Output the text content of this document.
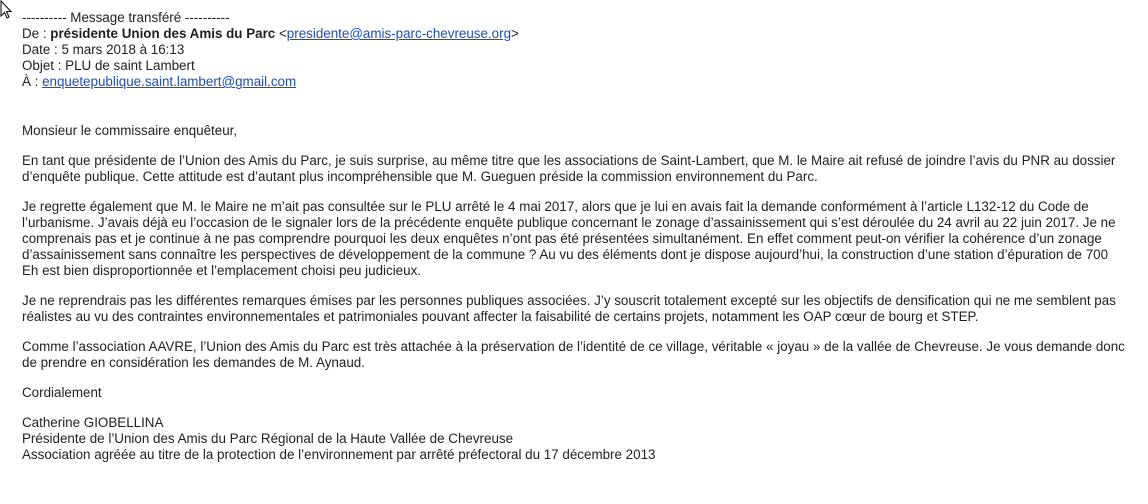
---------- Message transféré ----------
De : présidente Union des Amis du Parc <presidente@amis-parc-chevreuse.org>
Date : 5 mars 2018 à 16:13
Objet : PLU de saint Lambert
À : enquetepublique.saint.lambert@gmail.com

Monsieur le commissaire enquêteur,

En tant que présidente de l’Union des Amis du Parc, je suis surprise, au même titre que les associations de Saint-Lambert, que M. le Maire ait refusé de joindre l’avis du PNR au dossier d’enquête publique. Cette attitude est d’autant plus incompréhensible que M. Gueguen préside la commission environnement du Parc.

Je regrette également que M. le Maire ne m’ait pas consultée sur le PLU arrêté le 4 mai 2017, alors que je lui en avais fait la demande conformément à l’article L132-12 du Code de l’urbanisme. J’avais déjà eu l’occasion de le signaler lors de la précédente enquête publique concernant le zonage d’assainissement qui s’est déroulée du 24 avril au 22 juin 2017. Je ne comprenais pas et je continue à ne pas comprendre pourquoi les deux enquêtes n’ont pas été présentées simultanément. En effet comment peut-on vérifier la cohérence d’un zonage d’assainissement sans connaître les perspectives de développement de la commune ? Au vu des éléments dont je dispose aujourd’hui, la construction d’une station d’épuration de 700 Eh est bien disproportionnée et l’emplacement choisi peu judicieux.

Je ne reprendrais pas les différentes remarques émises par les personnes publiques associées. J’y souscrit totalement excepté sur les objectifs de densification qui ne me semblent pas réalistes au vu des contraintes environnementales et patrimoniales pouvant affecter la faisabilité de certains projets, notamment les OAP cœur de bourg et STEP.

Comme l’association AAVRE, l’Union des Amis du Parc est très attachée à la préservation de l’identité de ce village, véritable « joyau » de la vallée de Chevreuse. Je vous demande donc de prendre en considération les demandes de M. Aynaud.

Cordialement

Catherine GIOBELLINA
Présidente de l’Union des Amis du Parc Régional de la Haute Vallée de Chevreuse
Association agréée au titre de la protection de l’environnement par arrêté préfectoral du 17 décembre 2013
